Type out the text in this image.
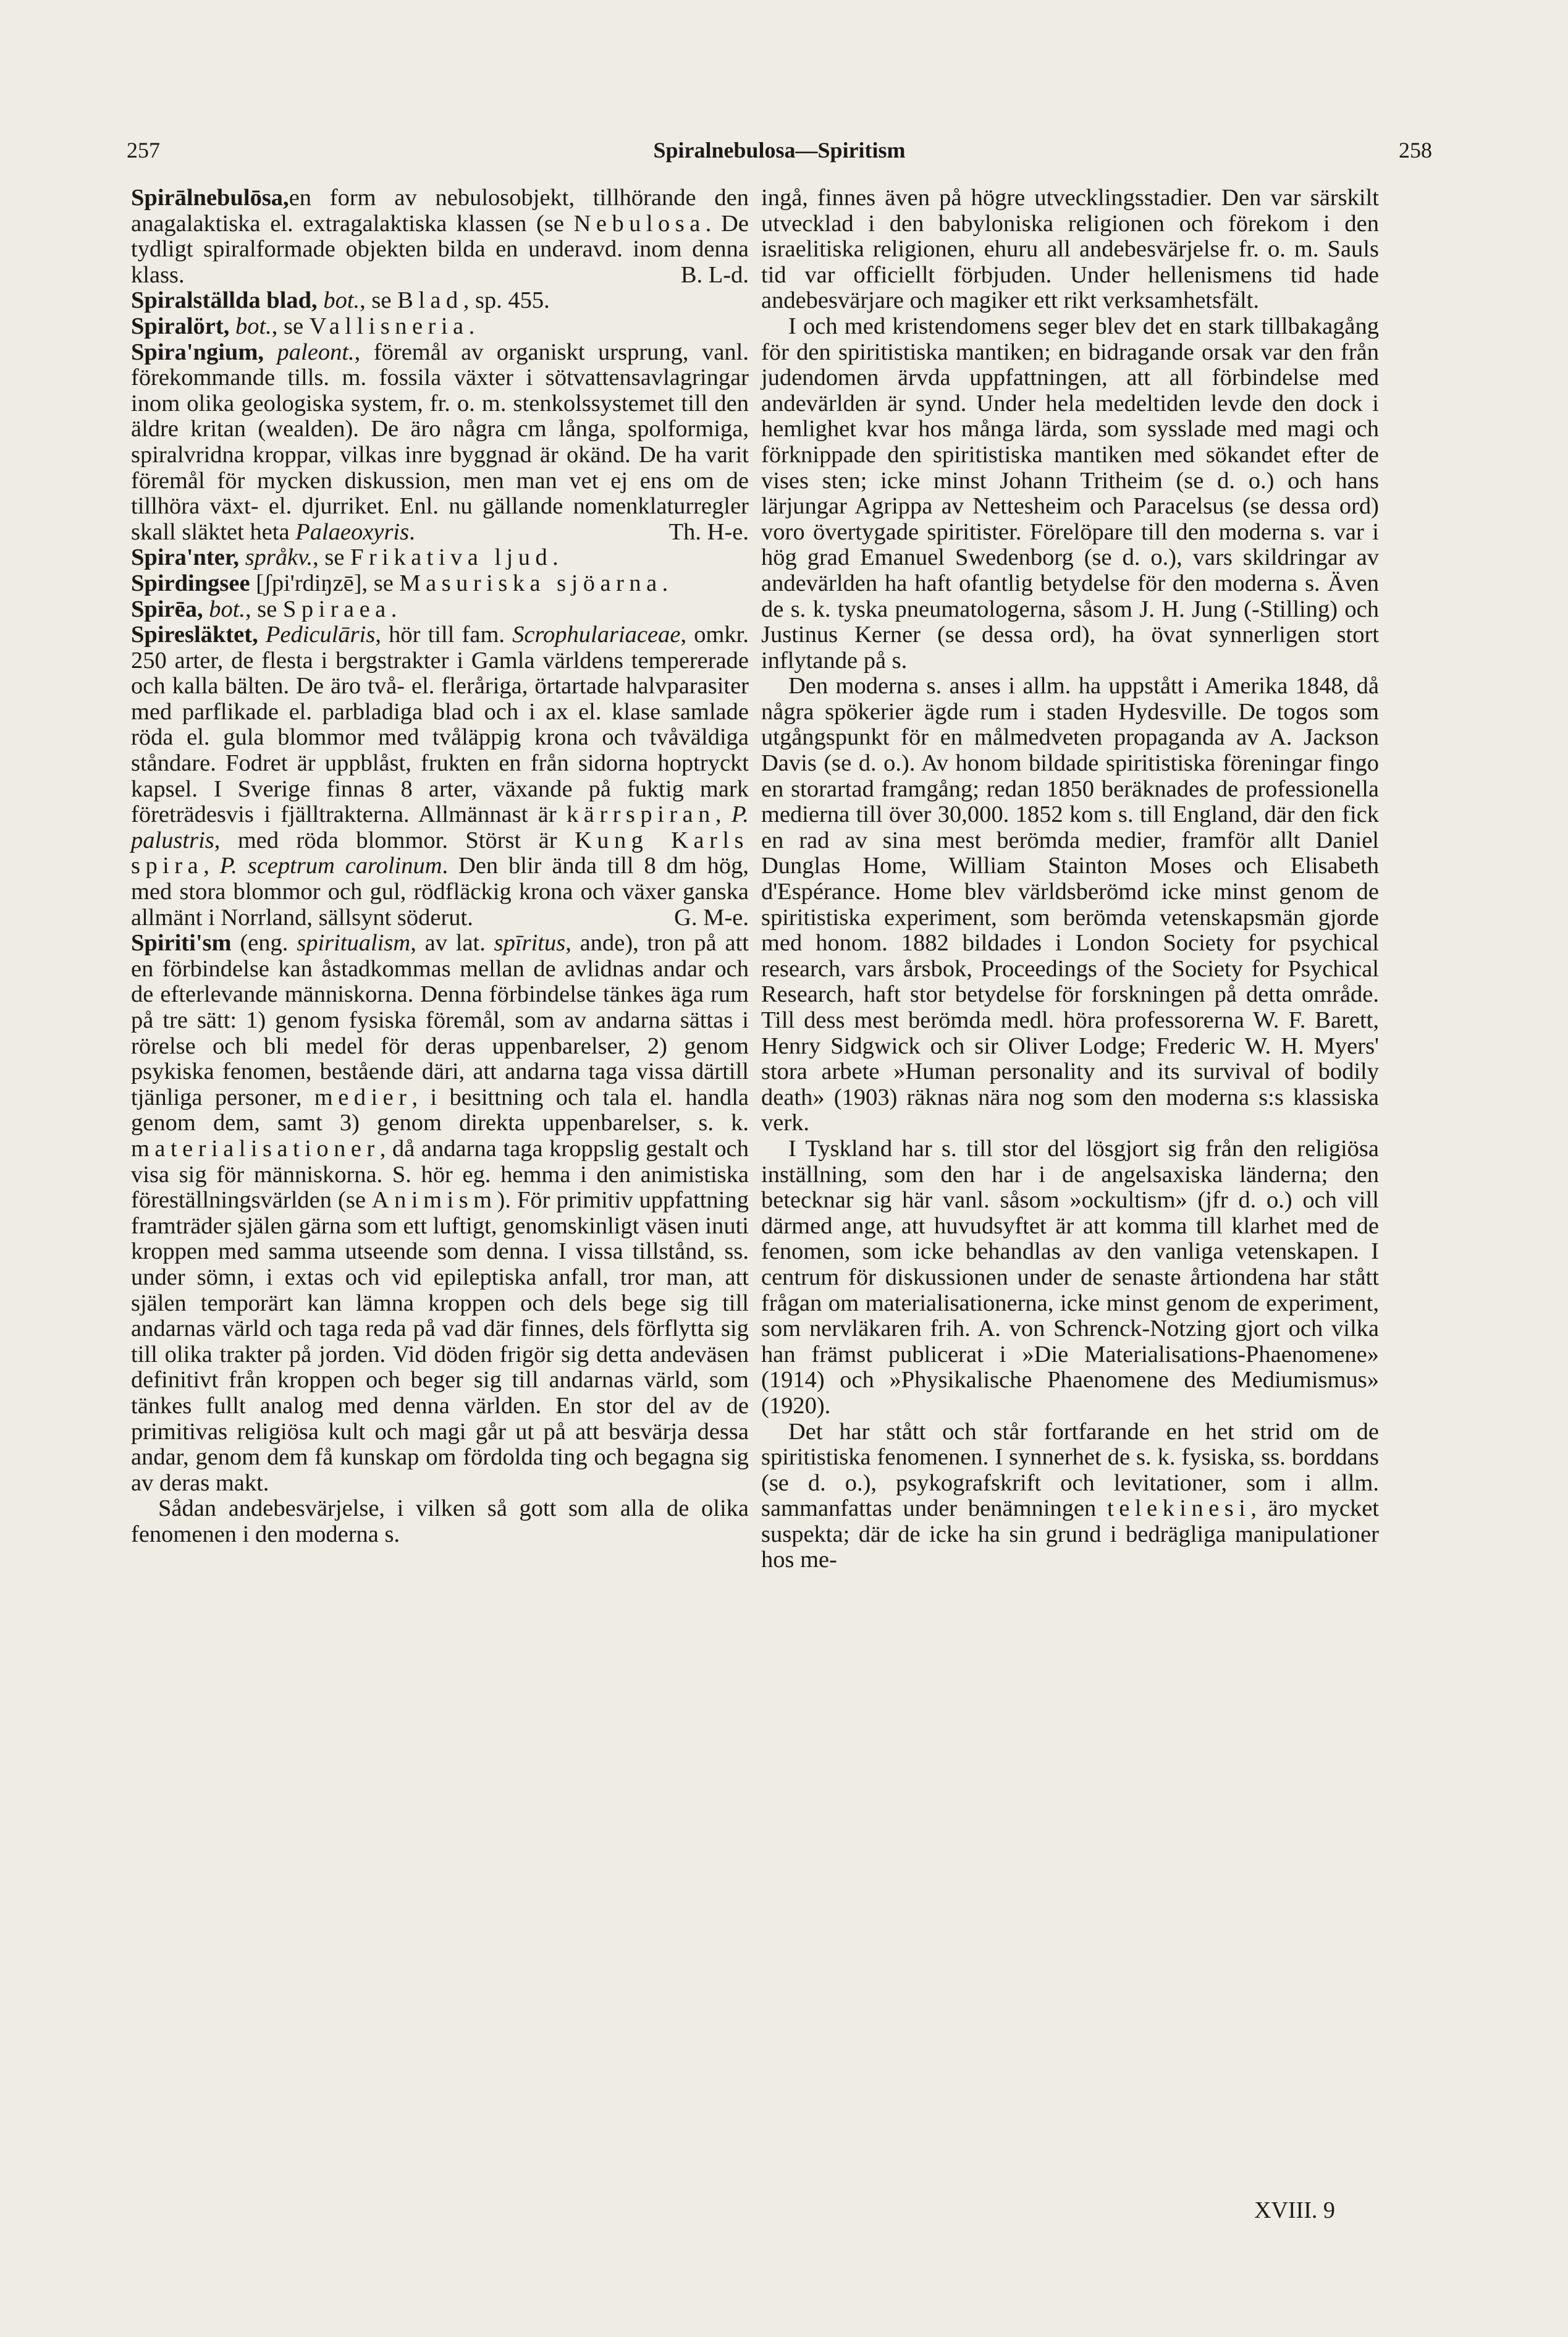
257	Spiralnebulosa—Spiritism	258

Spirālnebulōsa,en form av nebulosobjekt, tillhörande den anagalaktiska el. extragalaktiska klassen (se Nebulosa. De tydligt spiralformade objekten bilda en underavd. inom denna klass.	B. L-d.

Spiralställda blad, bot., se Blad, sp. 455.

Spiralört, bot., se Vallisneria.

Spira'ngium, paleont., föremål av organiskt ursprung, vanl. förekommande tills. m. fossila växter i sötvattensavlagringar inom olika geologiska system, fr. o. m. stenkolssystemet till den äldre kritan (wealden). De äro några cm långa, spolformiga, spiralvridna kroppar, vilkas inre byggnad är okänd. De ha varit föremål för mycken diskussion, men man vet ej ens om de tillhöra växt- el. djurriket. Enl. nu gällande nomenklaturregler skall släktet heta Palaeoxyris.	Th. H-e.

Spira'nter, språkv., se Frikativa ljud.

Spirdingsee [ʃpi'rdiŋzē], se Masuriska sjöarna.

Spirēa, bot., se Spiraea.

Spiresläktet, Pediculāris, hör till fam. Scrophulariaceae, omkr. 250 arter, de flesta i bergstrakter i Gamla världens tempererade och kalla bälten. De äro två- el. fleråriga, örtartade halvparasiter med parflikade el. parbladiga blad och i ax el. klase samlade röda el. gula blommor med tvåläppig krona och tvåväldiga ståndare. Fodret är uppblåst, frukten en från sidorna hoptryckt kapsel. I Sverige finnas 8 arter, växande på fuktig mark företrädesvis i fjälltrakterna. Allmännast är kärrspiran, P. palustris, med röda blommor. Störst är Kung Karls spira, P. sceptrum carolinum. Den blir ända till 8 dm hög, med stora blommor och gul, rödfläckig krona och växer ganska allmänt i Norrland, sällsynt söderut.	G. M-e.

Spiriti'sm (eng. spiritualism, av lat. spīritus, ande), tron på att en förbindelse kan åstadkommas mellan de avlidnas andar och de efterlevande människorna. Denna förbindelse tänkes äga rum på tre sätt: 1) genom fysiska föremål, som av andarna sättas i rörelse och bli medel för deras uppenbarelser, 2) genom psykiska fenomen, bestående däri, att andarna taga vissa därtill tjänliga personer, medier, i besittning och tala el. handla genom dem, samt 3) genom direkta uppenbarelser, s. k. materialisationer, då andarna taga kroppslig gestalt och visa sig för människorna. S. hör eg. hemma i den animistiska föreställningsvärlden (se Animism). För primitiv uppfattning framträder själen gärna som ett luftigt, genomskinligt väsen inuti kroppen med samma utseende som denna. I vissa tillstånd, ss. under sömn, i extas och vid epileptiska anfall, tror man, att själen temporärt kan lämna kroppen och dels bege sig till andarnas värld och taga reda på vad där finnes, dels förflytta sig till olika trakter på jorden. Vid döden frigör sig detta andeväsen definitivt från kroppen och beger sig till andarnas värld, som tänkes fullt analog med denna världen. En stor del av de primitivas religiösa kult och magi går ut på att besvärja dessa andar, genom dem få kunskap om fördolda ting och begagna sig av deras makt.

Sådan andebesvärjelse, i vilken så gott som alla de olika fenomenen i den moderna s.

ingå, finnes även på högre utvecklingsstadier. Den var särskilt utvecklad i den babyloniska religionen och förekom i den israelitiska religionen, ehuru all andebesvärjelse fr. o. m. Sauls tid var officiellt förbjuden. Under hellenismens tid hade andebesvärjare och magiker ett rikt verksamhetsfält.

I och med kristendomens seger blev det en stark tillbakagång för den spiritistiska mantiken; en bidragande orsak var den från judendomen ärvda uppfattningen, att all förbindelse med andevärlden är synd. Under hela medeltiden levde den dock i hemlighet kvar hos många lärda, som sysslade med magi och förknippade den spiritistiska mantiken med sökandet efter de vises sten; icke minst Johann Tritheim (se d. o.) och hans lärjungar Agrippa av Nettesheim och Paracelsus (se dessa ord) voro övertygade spiritister. Förelöpare till den moderna s. var i hög grad Emanuel Swedenborg (se d. o.), vars skildringar av andevärlden ha haft ofantlig betydelse för den moderna s. Även de s. k. tyska pneumatologerna, såsom J. H. Jung (-Stilling) och Justinus Kerner (se dessa ord), ha övat synnerligen stort inflytande på s.

Den moderna s. anses i allm. ha uppstått i Amerika 1848, då några spökerier ägde rum i staden Hydesville. De togos som utgångspunkt för en målmedveten propaganda av A. Jackson Davis (se d. o.). Av honom bildade spiritistiska föreningar fingo en storartad framgång; redan 1850 beräknades de professionella medierna till över 30,000. 1852 kom s. till England, där den fick en rad av sina mest berömda medier, framför allt Daniel Dunglas Home, William Stainton Moses och Elisabeth d'Espérance. Home blev världsberömd icke minst genom de spiritistiska experiment, som berömda vetenskapsmän gjorde med honom. 1882 bildades i London Society for psychical research, vars årsbok, Proceedings of the Society for Psychical Research, haft stor betydelse för forskningen på detta område. Till dess mest berömda medl. höra professorerna W. F. Barett, Henry Sidgwick och sir Oliver Lodge; Frederic W. H. Myers' stora arbete »Human personality and its survival of bodily death» (1903) räknas nära nog som den moderna s:s klassiska verk.

I Tyskland har s. till stor del lösgjort sig från den religiösa inställning, som den har i de angelsaxiska länderna; den betecknar sig här vanl. såsom »ockultism» (jfr d. o.) och vill därmed ange, att huvudsyftet är att komma till klarhet med de fenomen, som icke behandlas av den vanliga vetenskapen. I centrum för diskussionen under de senaste årtiondena har stått frågan om materialisationerna, icke minst genom de experiment, som nervläkaren frih. A. von Schrenck-Notzing gjort och vilka han främst publicerat i »Die Materialisations-Phaenomene» (1914) och »Physikalische Phaenomene des Mediumismus» (1920).

Det har stått och står fortfarande en het strid om de spiritistiska fenomenen. I synnerhet de s. k. fysiska, ss. borddans (se d. o.), psykografskrift och levitationer, som i allm. sammanfattas under benämningen telekinesi, äro mycket suspekta; där de icke ha sin grund i bedrägliga manipulationer hos me-

XVIII. 9
